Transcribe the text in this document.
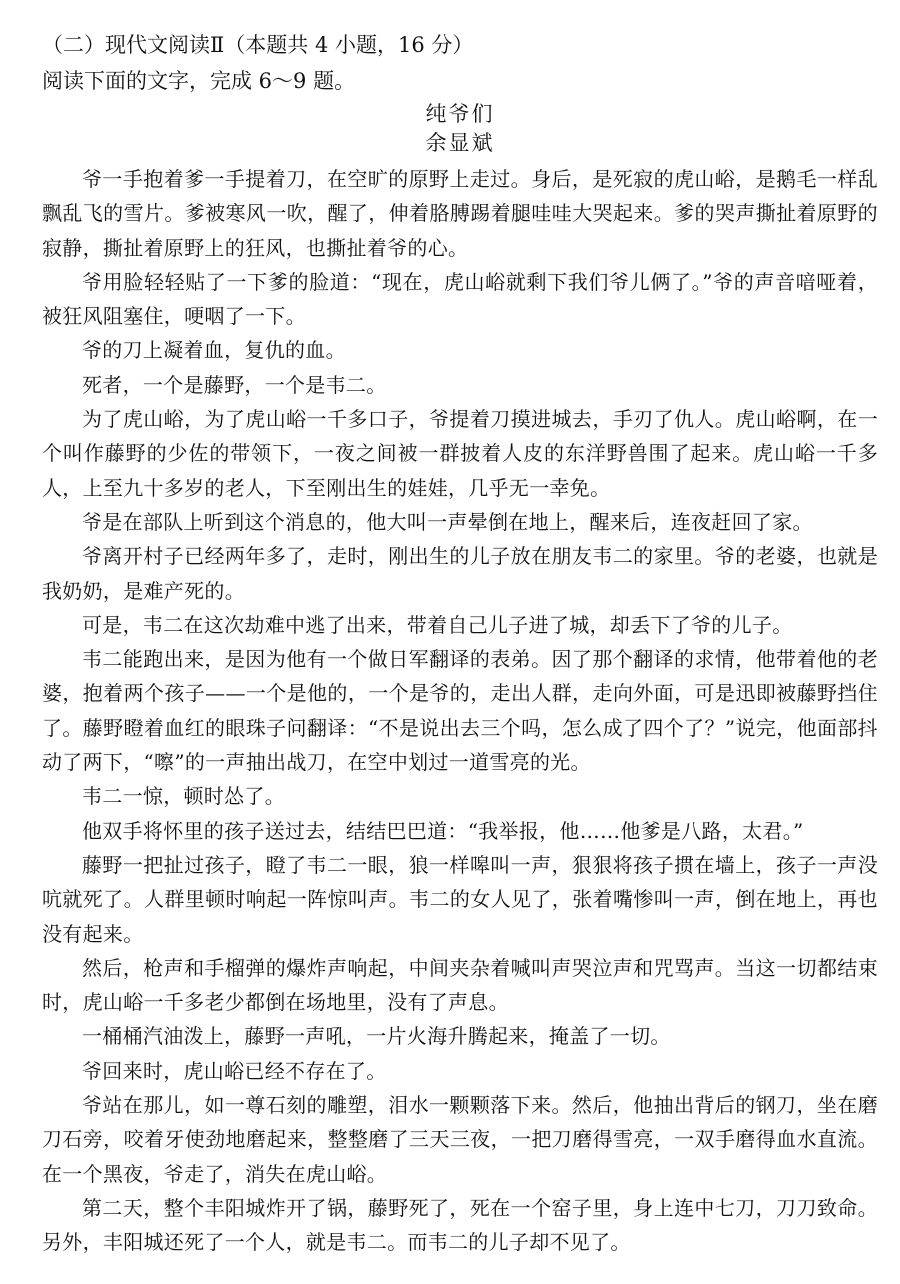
（二）现代文阅读Ⅱ（本题共 4 小题，16 分）
阅读下面的文字，完成 6～9 题。
纯爷们
余显斌

爷一手抱着爹一手提着刀，在空旷的原野上走过。身后，是死寂的虎山峪，是鹅毛一样乱飘乱飞的雪片。爹被寒风一吹，醒了，伸着胳膊踢着腿哇哇大哭起来。爹的哭声撕扯着原野的寂静，撕扯着原野上的狂风，也撕扯着爷的心。

爷用脸轻轻贴了一下爹的脸道：“现在，虎山峪就剩下我们爷儿俩了。”爷的声音喑哑着，被狂风阻塞住，哽咽了一下。

爷的刀上凝着血，复仇的血。

死者，一个是藤野，一个是韦二。

为了虎山峪，为了虎山峪一千多口子，爷提着刀摸进城去，手刃了仇人。虎山峪啊，在一个叫作藤野的少佐的带领下，一夜之间被一群披着人皮的东洋野兽围了起来。虎山峪一千多人，上至九十多岁的老人，下至刚出生的娃娃，几乎无一幸免。

爷是在部队上听到这个消息的，他大叫一声晕倒在地上，醒来后，连夜赶回了家。

爷离开村子已经两年多了，走时，刚出生的儿子放在朋友韦二的家里。爷的老婆，也就是我奶奶，是难产死的。

可是，韦二在这次劫难中逃了出来，带着自己儿子进了城，却丢下了爷的儿子。

韦二能跑出来，是因为他有一个做日军翻译的表弟。因了那个翻译的求情，他带着他的老婆，抱着两个孩子——一个是他的，一个是爷的，走出人群，走向外面，可是迅即被藤野挡住了。藤野瞪着血红的眼珠子问翻译：“不是说出去三个吗，怎么成了四个了？”说完，他面部抖动了两下，“嚓”的一声抽出战刀，在空中划过一道雪亮的光。

韦二一惊，顿时怂了。

他双手将怀里的孩子送过去，结结巴巴道：“我举报，他……他爹是八路，太君。”

藤野一把扯过孩子，瞪了韦二一眼，狼一样嗥叫一声，狠狠将孩子掼在墙上，孩子一声没吭就死了。人群里顿时响起一阵惊叫声。韦二的女人见了，张着嘴惨叫一声，倒在地上，再也没有起来。

然后，枪声和手榴弹的爆炸声响起，中间夹杂着喊叫声哭泣声和咒骂声。当这一切都结束时，虎山峪一千多老少都倒在场地里，没有了声息。

一桶桶汽油泼上，藤野一声吼，一片火海升腾起来，掩盖了一切。

爷回来时，虎山峪已经不存在了。

爷站在那儿，如一尊石刻的雕塑，泪水一颗颗落下来。然后，他抽出背后的钢刀，坐在磨刀石旁，咬着牙使劲地磨起来，整整磨了三天三夜，一把刀磨得雪亮，一双手磨得血水直流。在一个黑夜，爷走了，消失在虎山峪。

第二天，整个丰阳城炸开了锅，藤野死了，死在一个窑子里，身上连中七刀，刀刀致命。另外，丰阳城还死了一个人，就是韦二。而韦二的儿子却不见了。
